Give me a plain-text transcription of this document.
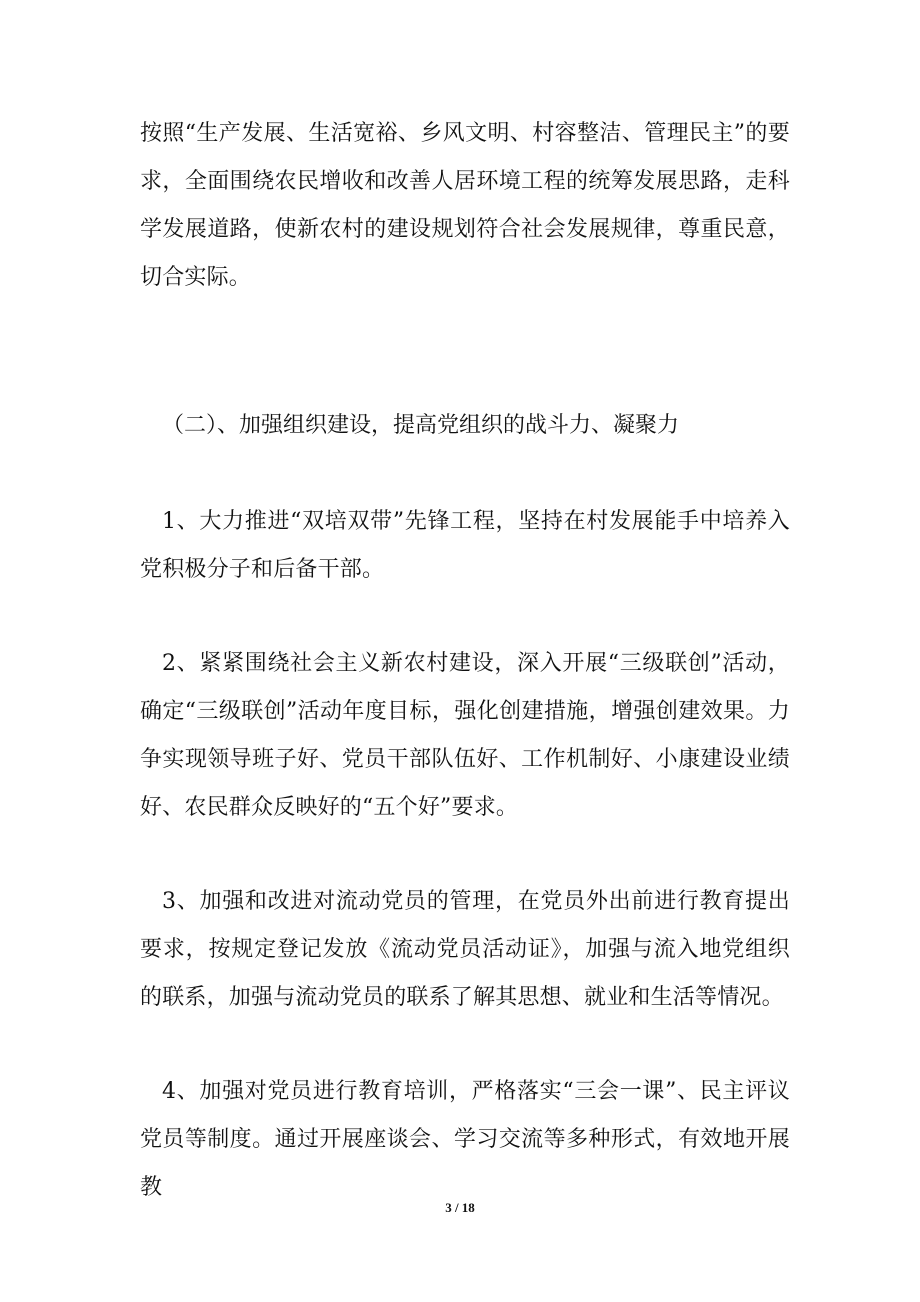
按照“生产发展、生活宽裕、乡风文明、村容整洁、管理民主”的要求，全面围绕农民增收和改善人居环境工程的统筹发展思路，走科学发展道路，使新农村的建设规划符合社会发展规律，尊重民意，切合实际。

（二）、加强组织建设，提高党组织的战斗力、凝聚力

1、大力推进“双培双带”先锋工程，坚持在村发展能手中培养入党积极分子和后备干部。

2、紧紧围绕社会主义新农村建设，深入开展“三级联创”活动，确定“三级联创”活动年度目标，强化创建措施，增强创建效果。力争实现领导班子好、党员干部队伍好、工作机制好、小康建设业绩好、农民群众反映好的“五个好”要求。

3、加强和改进对流动党员的管理，在党员外出前进行教育提出要求，按规定登记发放《流动党员活动证》，加强与流入地党组织的联系，加强与流动党员的联系了解其思想、就业和生活等情况。

4、加强对党员进行教育培训，严格落实“三会一课”、民主评议党员等制度。通过开展座谈会、学习交流等多种形式，有效地开展教

3 / 18
